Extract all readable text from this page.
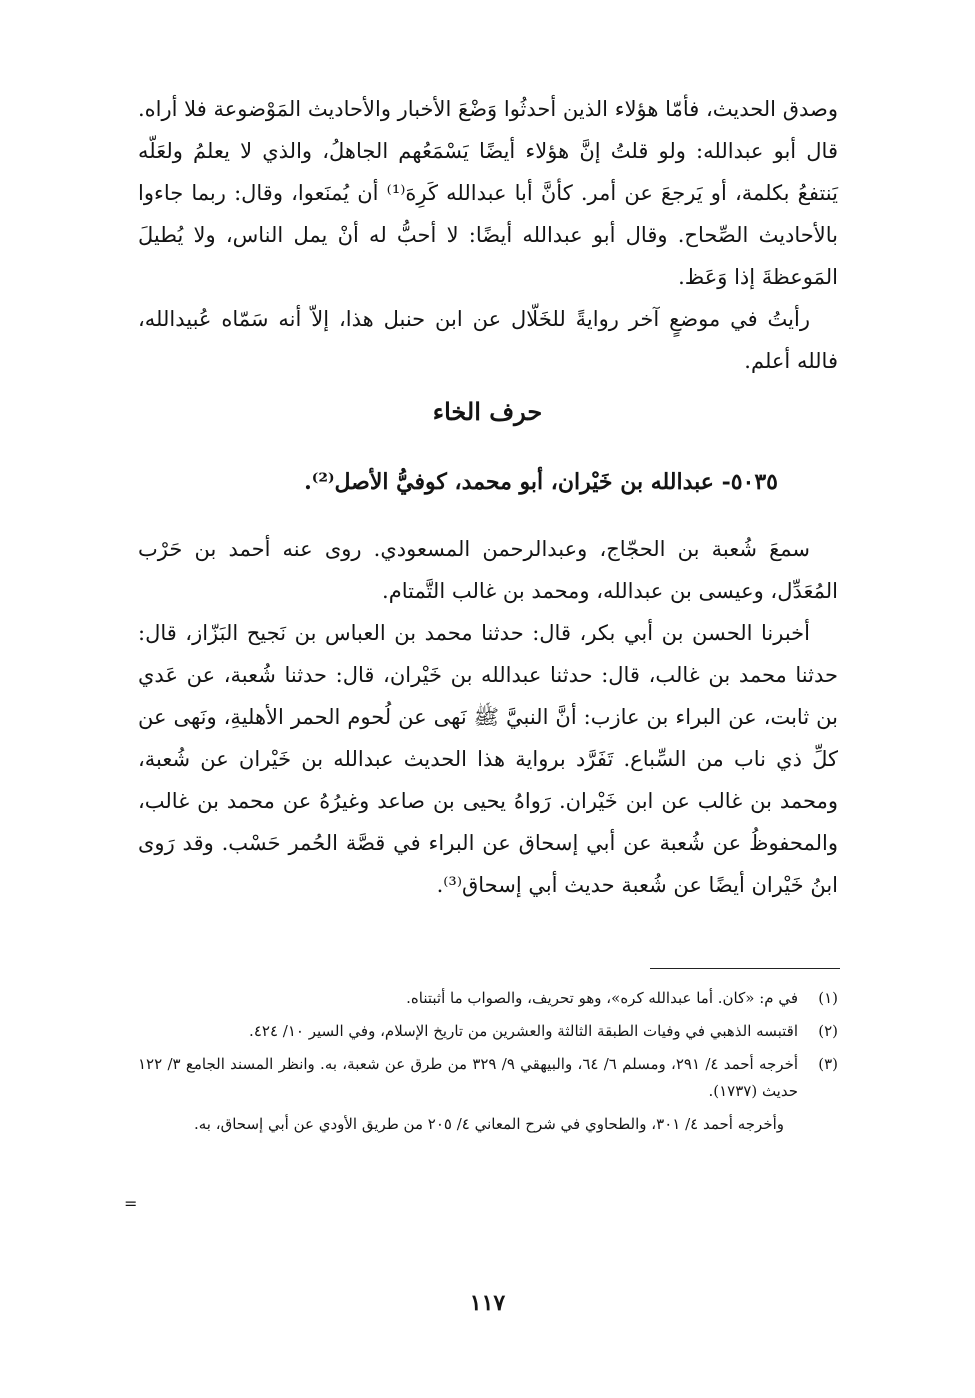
وصدق الحديث، فأمّا هؤلاء الذين أحدثُوا وَضْعَ الأخبار والأحاديث المَوْضوعة فلا أراه. قال أبو عبدالله: ولو قلتُ إنَّ هؤلاء أيضًا يَسْمَعُهم الجاهلُ، والذي لا يعلمُ ولعَلّه يَنتفعُ بكلمة، أو يَرجعَ عن أمر. كأنَّ أبا عبدالله كَرِهَ⁽¹⁾ أن يُمنَعوا، وقال: ربما جاءوا بالأحاديث الصِّحاح. وقال أبو عبدالله أيضًا: لا أحبُّ له أنْ يمل الناس، ولا يُطيلَ المَوعظةَ إذا وَعَظ.

رأيتُ في موضعٍ آخر روايةً للخَلّال عن ابن حنبل هذا، إلاّ أنه سَمّاه عُبيدالله، فالله أعلم.

حرف الخاء
٥٠٣٥- عبدالله بن خَيْران، أبو محمد، كوفيُّ الأصل⁽²⁾.

سمعَ شُعبة بن الحجّاج، وعبدالرحمن المسعودي. روى عنه أحمد بن حَرْب المُعَدِّل، وعيسى بن عبدالله، ومحمد بن غالب التَّمتام.

أخبرنا الحسن بن أبي بكر، قال: حدثنا محمد بن العباس بن نَجيح البَزّاز، قال: حدثنا محمد بن غالب، قال: حدثنا عبدالله بن خَيْران، قال: حدثنا شُعبة، عن عَدي بن ثابت، عن البراء بن عازب: أنَّ النبيَّ ﷺ نَهى عن لُحوم الحمر الأهليةِ، ونَهى عن كلِّ ذي ناب من السِّباع. تَفَرَّد برواية هذا الحديث عبدالله بن خَيْران عن شُعبة، ومحمد بن غالب عن ابن خَيْران. رَواهُ يحيى بن صاعد وغيرُهُ عن محمد بن غالب، والمحفوظُ عن شُعبة عن أبي إسحاق عن البراء في قصَّة الحُمر حَسْب. وقد رَوى ابنُ خَيْران أيضًا عن شُعبة حديث أبي إسحاق⁽³⁾.

(١)
في م: «كان. أما عبدالله كره»، وهو تحريف، والصواب ما أثبتناه.
(٢)
اقتبسه الذهبي في وفيات الطبقة الثالثة والعشرين من تاريخ الإسلام، وفي السير ١٠/ ٤٢٤.
(٣)
أخرجه أحمد ٤/ ٢٩١، ومسلم ٦/ ٦٤، والبيهقي ٩/ ٣٢٩ من طرق عن شعبة، به. وانظر المسند الجامع ٣/ ١٢٢ حديث (١٧٣٧).
وأخرجه أحمد ٤/ ٣٠١، والطحاوي في شرح المعاني ٤/ ٢٠٥ من طريق الأودي عن أبي إسحاق، به.
=
١١٧
